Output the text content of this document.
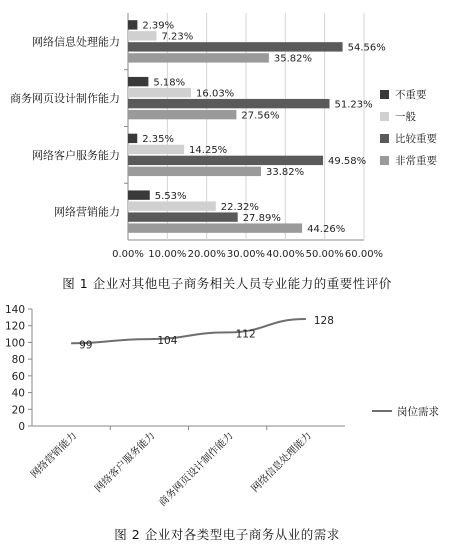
0.00% 10.00% 20.00% 30.00% 40.00% 50.00% 60.00%
2.39%
7.23%
54.56%
35.82%
网络信息处理能力
5.18%
16.03%
51.23%
27.56%
商务网页设计制作能力
2.35%
14.25%
49.58%
33.82%
网络客户服务能力
5.53%
22.32%
27.89%
44.26%
网络营销能力
不重要
一般
比较重要
非常重要
图 1 企业对其他电子商务相关人员专业能力的重要性评价
0
20
40
60
80
100
120
140
99	104
112
128
网络营销能力 网络客户服务能力 商务网页设计制作能力 网络信息处理能力
岗位需求
图 2 企业对各类型电子商务从业的需求
